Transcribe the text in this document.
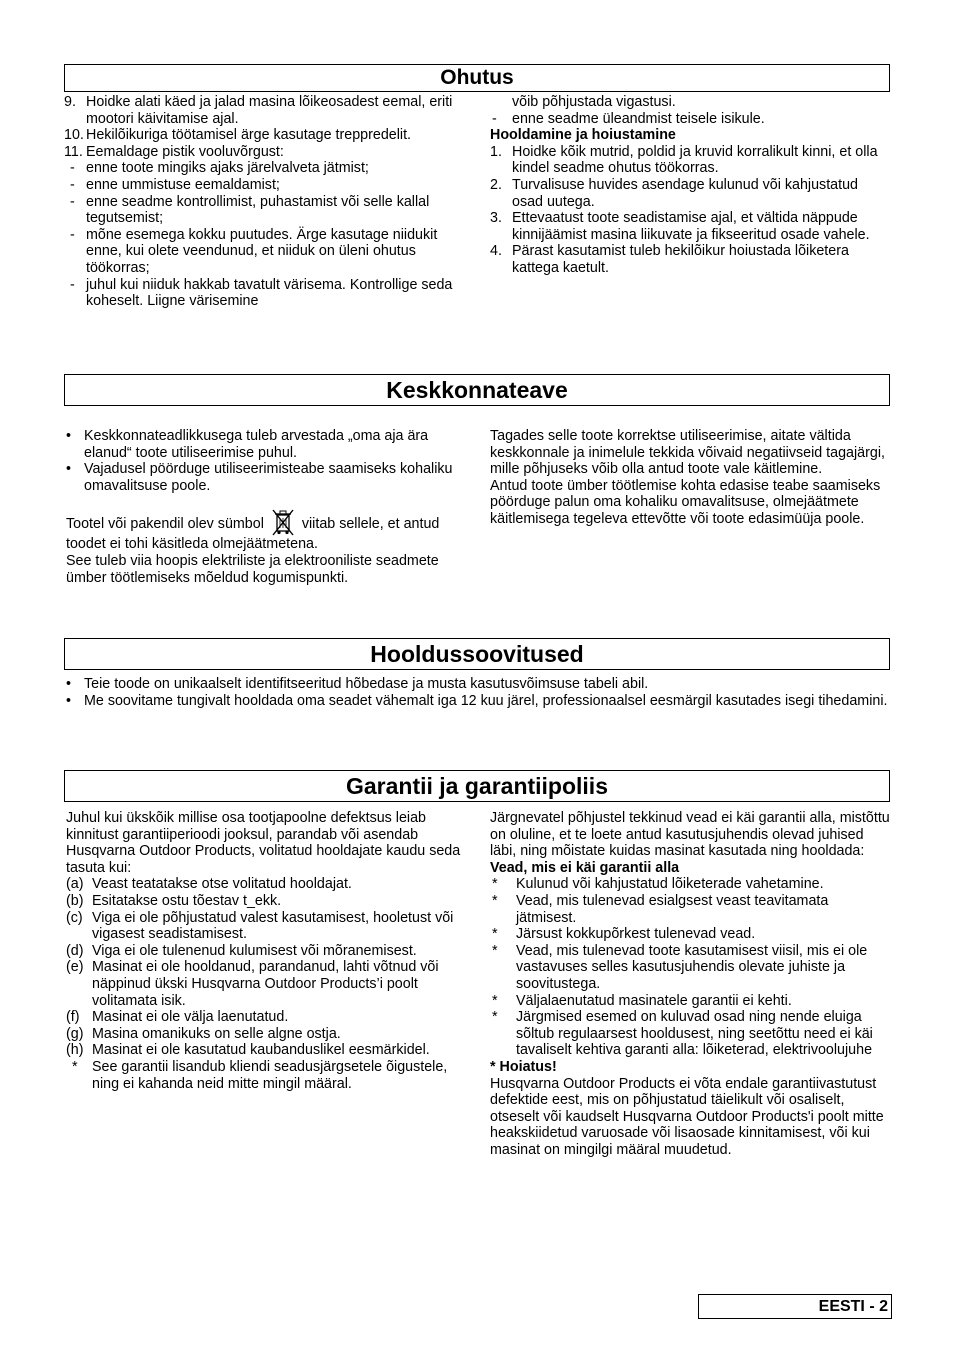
Ohutus
9. Hoidke alati käed ja jalad masina lõikeosadest eemal, eriti mootori käivitamise ajal.
10. Hekilõikuriga töötamisel ärge kasutage treppredelit.
11. Eemaldage pistik vooluvõrgust:
- enne toote mingiks ajaks järelvalveta jätmist;
- enne ummistuse eemaldamist;
- enne seadme kontrollimist, puhastamist või selle kallal tegutsemist;
- mõne esemega kokku puutudes. Ärge kasutage niidukit enne, kui olete veendunud, et niiduk on üleni ohutus töökorras;
- juhul kui niiduk hakkab tavatult värisema. Kontrollige seda koheselt. Liigne värisemine
võib põhjustada vigastusi.
- enne seadme üleandmist teisele isikule.
Hooldamine ja hoiustamine
1. Hoidke kõik mutrid, poldid ja kruvid korralikult kinni, et olla kindel seadme ohutus töökorras.
2. Turvalisuse huvides asendage kulunud või kahjustatud osad uutega.
3. Ettevaatust toote seadistamise ajal, et vältida näppude kinnijäämist masina liikuvate ja fikseeritud osade vahele.
4. Pärast kasutamist tuleb hekilõikur hoiustada lõiketera kattega kaetult.
Keskkonnateave
• Keskkonnateadlikkusega tuleb arvestada „oma aja ära elanud“ toote utiliseerimise puhul.
• Vajadusel pöörduge utiliseerimisteabe saamiseks kohaliku omavalitsuse poole.
Tootel või pakendil olev sümbol	viitab sellele, et antud toodet ei tohi käsitleda olmejäätmetena.
See tuleb viia hoopis elektriliste ja elektrooniliste seadmete ümber töötlemiseks mõeldud kogumispunkti.
Tagades selle toote korrektse utiliseerimise, aitate vältida keskkonnale ja inimelule tekkida võivaid negatiivseid tagajärgi, mille põhjuseks võib olla antud toote vale käitlemine.
Antud toote ümber töötlemise kohta edasise teabe saamiseks pöörduge palun oma kohaliku omavalitsuse, olmejäätmete käitlemisega tegeleva ettevõtte või toote edasimüüja poole.
Hooldussoovitused
• Teie toode on unikaalselt identifitseeritud hõbedase ja musta kasutusvõimsuse tabeli abil.
• Me soovitame tungivalt hooldada oma seadet vähemalt iga 12 kuu järel, professionaalsel eesmärgil kasutades isegi tihedamini.
Garantii ja garantiipoliis
Juhul kui ükskõik millise osa tootjapoolne defektsus leiab kinnitust garantiiperioodi jooksul, parandab või asendab Husqvarna Outdoor Products, volitatud hooldajate kaudu seda tasuta kui:
(a) Veast teatatakse otse volitatud hooldajat.
(b) Esitatakse ostu tõestav t_ekk.
(c) Viga ei ole põhjustatud valest kasutamisest, hooletust või vigasest seadistamisest.
(d) Viga ei ole tulenenud kulumisest või mõranemisest.
(e) Masinat ei ole hooldanud, parandanud, lahti võtnud või näppinud ükski Husqvarna Outdoor Products’i poolt volitamata isik.
(f) Masinat ei ole välja laenutatud.
(g) Masina omanikuks on selle algne ostja.
(h) Masinat ei ole kasutatud kaubanduslikel eesmärkidel.
* See garantii lisandub kliendi seadusjärgsetele õigustele, ning ei kahanda neid mitte mingil määral.
Järgnevatel põhjustel tekkinud vead ei käi garantii alla, mistõttu on oluline, et te loete antud kasutusjuhendis olevad juhised läbi, ning mõistate kuidas masinat kasutada ning hooldada:
Vead, mis ei käi garantii alla
* Kulunud või kahjustatud lõiketerade vahetamine.
* Vead, mis tulenevad esialgsest veast teavitamata jätmisest.
* Järsust kokkupõrkest tulenevad vead.
* Vead, mis tulenevad toote kasutamisest viisil, mis ei ole vastavuses selles kasutusjuhendis olevate juhiste ja soovitustega.
* Väljalaenutatud masinatele garantii ei kehti.
* Järgmised esemed on kuluvad osad ning nende eluiga sõltub regulaarsest hooldusest, ning seetõttu need ei käi tavaliselt kehtiva garanti alla: lõiketerad, elektrivoolujuhe
* Hoiatus!
Husqvarna Outdoor Products ei võta endale garantiivastutust defektide eest, mis on põhjustatud täielikult või osaliselt, otseselt või kaudselt Husqvarna Outdoor Products'i poolt mitte heakskiidetud varuosade või lisaosade kinnitamisest, või kui masinat on mingilgi määral muudetud.
EESTI - 2
